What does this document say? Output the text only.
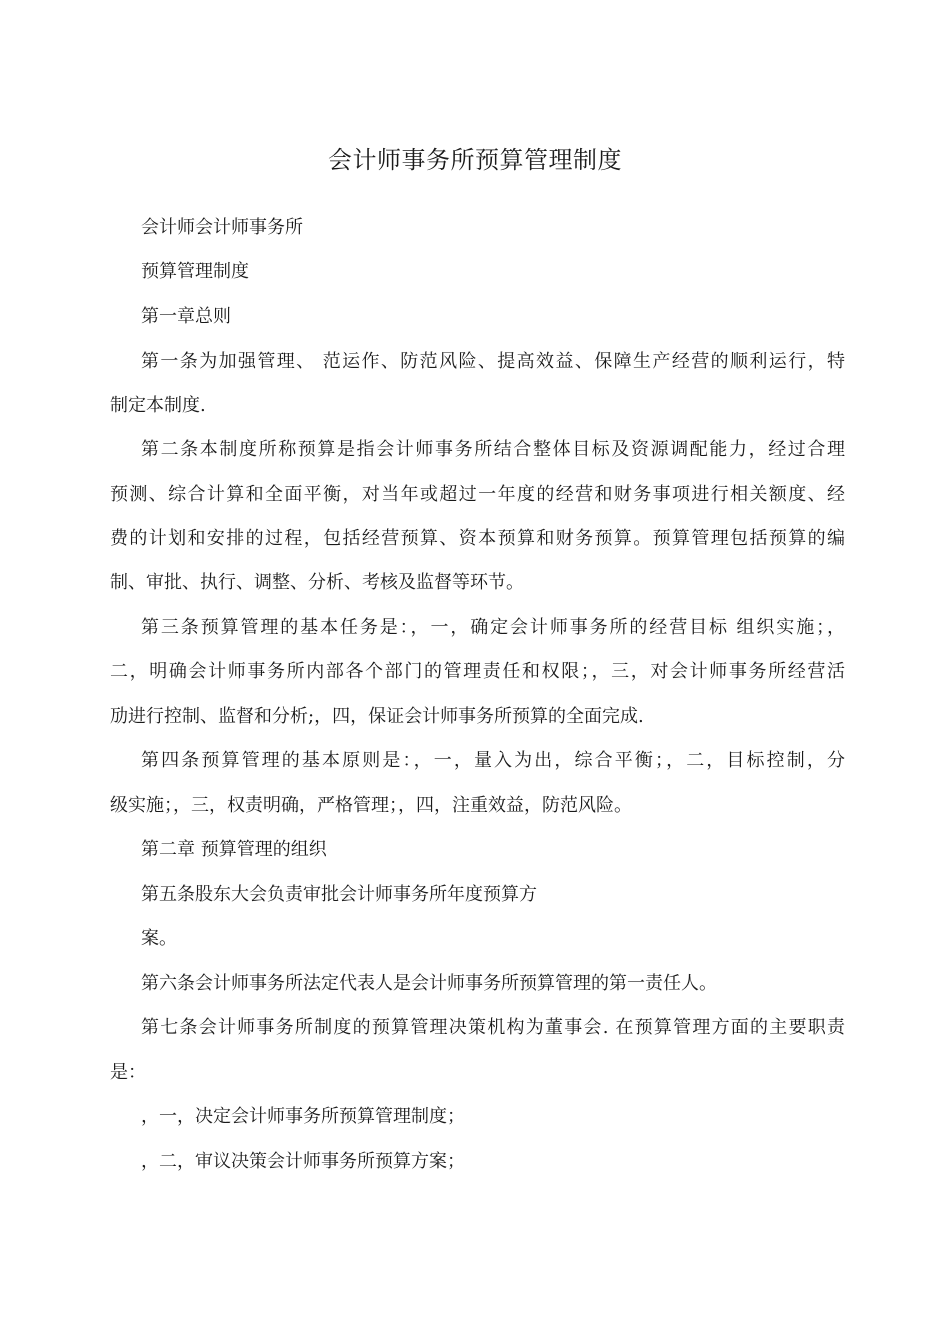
会计师事务所预算管理制度
会计师会计师事务所
预算管理制度
第一章总则
第一条为加强管理、 范运作、防范风险、提高效益、保障生产经营的顺利运行，特
制定本制度.
第二条本制度所称预算是指会计师事务所结合整体目标及资源调配能力，经过合理
预测、综合计算和全面平衡，对当年或超过一年度的经营和财务事项进行相关额度、经
费的计划和安排的过程，包括经营预算、资本预算和财务预算。预算管理包括预算的编
制、审批、执行、调整、分析、考核及监督等环节。
第三条预算管理的基本任务是：，一，确定会计师事务所的经营目标 组织实施；，
二，明确会计师事务所内部各个部门的管理责任和权限；，三，对会计师事务所经营活
劢进行控制、监督和分析;，四，保证会计师事务所预算的全面完成.
第四条预算管理的基本原则是：，一，量入为出，综合平衡；，二，目标控制，分
级实施；，三，权责明确，严格管理；，四，注重效益，防范风险。
第二章 预算管理的组织
第五条股东大会负责审批会计师事务所年度预算方
案。
第六条会计师事务所法定代表人是会计师事务所预算管理的第一责任人。
第七条会计师事务所制度的预算管理决策机构为董事会. 在预算管理方面的主要职责
是：
，一，决定会计师事务所预算管理制度；
，二，审议决策会计师事务所预算方案；
